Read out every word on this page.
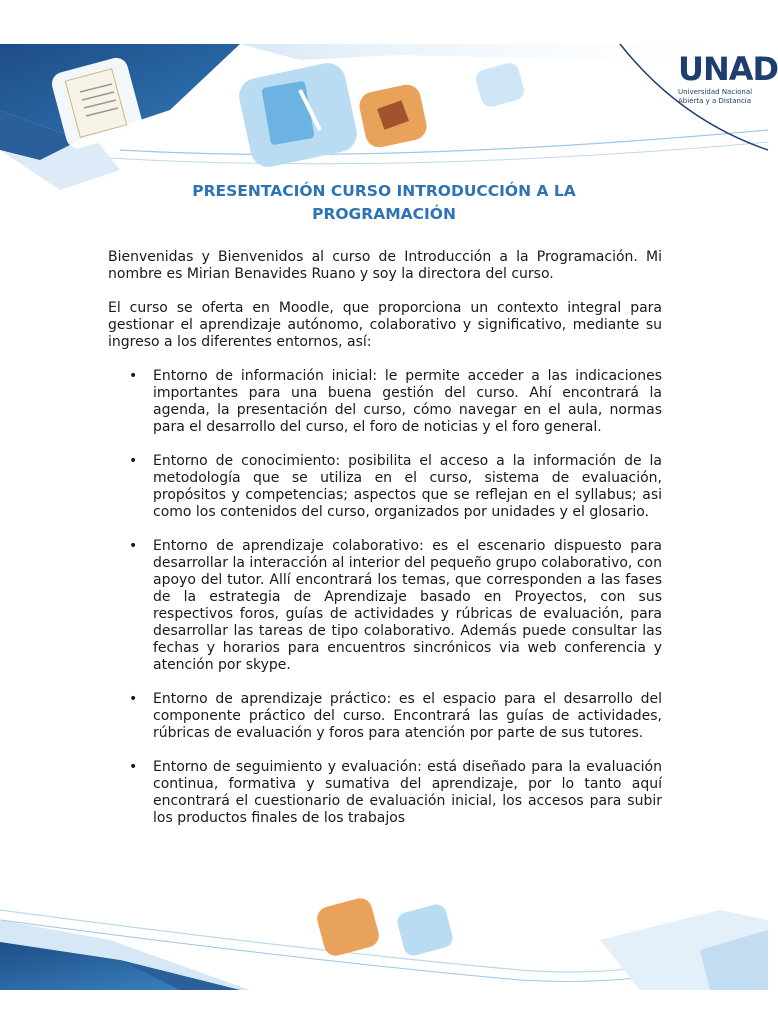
UNAD
Universidad Nacional
Abierta y a Distancia
PRESENTACIÓN CURSO INTRODUCCIÓN A LA
PROGRAMACIÓN

Bienvenidas y Bienvenidos al curso de Introducción a la Programación. Mi nombre es Mirian Benavides Ruano y soy la directora del curso.

El curso se oferta en Moodle, que proporciona un contexto integral para gestionar el aprendizaje autónomo, colaborativo y significativo, mediante su ingreso a los diferentes entornos, así:

• Entorno de información inicial: le permite acceder a las indicaciones importantes para una buena gestión del curso. Ahí encontrará la agenda, la presentación del curso, cómo navegar en el aula, normas para el desarrollo del curso, el foro de noticias y el foro general.
• Entorno de conocimiento: posibilita el acceso a la información de la metodología que se utiliza en el curso, sistema de evaluación, propósitos y competencias; aspectos que se reflejan en el syllabus; asi como los contenidos del curso, organizados por unidades y el glosario.
• Entorno de aprendizaje colaborativo: es el escenario dispuesto para desarrollar la interacción al interior del pequeño grupo colaborativo, con apoyo del tutor. Allí encontrará los temas, que corresponden a las fases de la estrategia de Aprendizaje basado en Proyectos, con sus respectivos foros, guías de actividades y rúbricas de evaluación, para desarrollar las tareas de tipo colaborativo. Además puede consultar las fechas y horarios para encuentros sincrónicos via web conferencia y atención por skype.
• Entorno de aprendizaje práctico: es el espacio para el desarrollo del componente práctico del curso. Encontrará las guías de actividades, rúbricas de evaluación y foros para atención por parte de sus tutores.
• Entorno de seguimiento y evaluación: está diseñado para la evaluación continua, formativa y sumativa del aprendizaje, por lo tanto aquí encontrará el cuestionario de evaluación inicial, los accesos para subir los productos finales de los trabajos
